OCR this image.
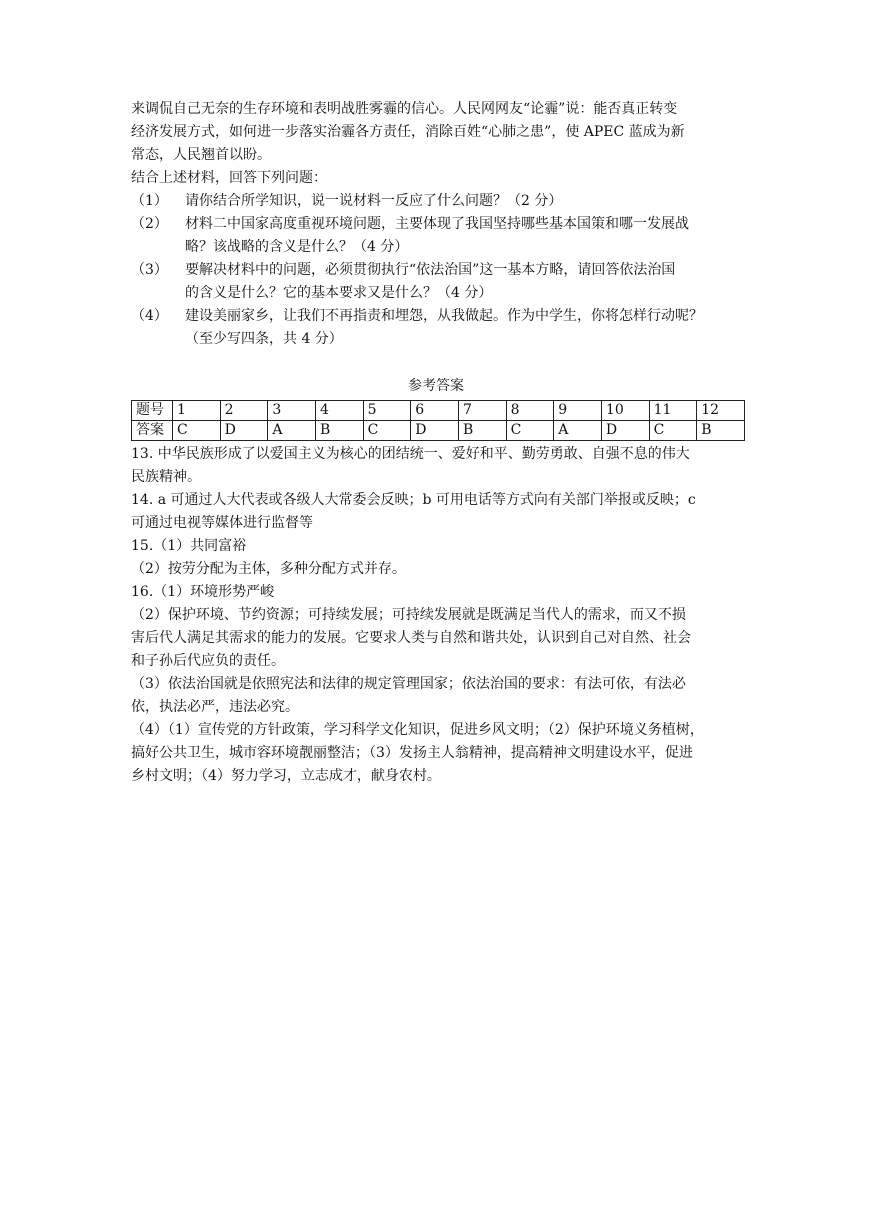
来调侃自己无奈的生存环境和表明战胜雾霾的信心。人民网网友“论霾”说：能否真正转变

经济发展方式，如何进一步落实治霾各方责任，消除百姓“心肺之患”，使 APEC 蓝成为新

常态，人民翘首以盼。

结合上述材料，回答下列问题：

（1）	请你结合所学知识，说一说材料一反应了什么问题？（2 分）
（2）	材料二中国家高度重视环境问题，主要体现了我国坚持哪些基本国策和哪一发展战
略？该战略的含义是什么？（4 分）
（3）	要解决材料中的问题，必须贯彻执行“依法治国”这一基本方略，请回答依法治国
的含义是什么？它的基本要求又是什么？（4 分）
（4）	建设美丽家乡，让我们不再指责和埋怨，从我做起。作为中学生，你将怎样行动呢？
（至少写四条，共 4 分）
参考答案
题号	1	2	3	4	5	6	7	8	9	10	11	12
答案	C	D	A	B	C	D	B	C	A	D	C	B

13. 中华民族形成了以爱国主义为核心的团结统一、爱好和平、勤劳勇敢、自强不息的伟大

民族精神。

14. a 可通过人大代表或各级人大常委会反映；b 可用电话等方式向有关部门举报或反映；c

可通过电视等媒体进行监督等

15.（1）共同富裕

（2）按劳分配为主体，多种分配方式并存。

16.（1）环境形势严峻

（2）保护环境、节约资源；可持续发展；可持续发展就是既满足当代人的需求，而又不损

害后代人满足其需求的能力的发展。它要求人类与自然和谐共处，认识到自己对自然、社会

和子孙后代应负的责任。

（3）依法治国就是依照宪法和法律的规定管理国家；依法治国的要求：有法可依，有法必

依，执法必严，违法必究。

（4）（1）宣传党的方针政策，学习科学文化知识，促进乡风文明；（2）保护环境义务植树，

搞好公共卫生，城市容环境靓丽整洁；（3）发扬主人翁精神，提高精神文明建设水平，促进

乡村文明；（4）努力学习，立志成才，献身农村。
